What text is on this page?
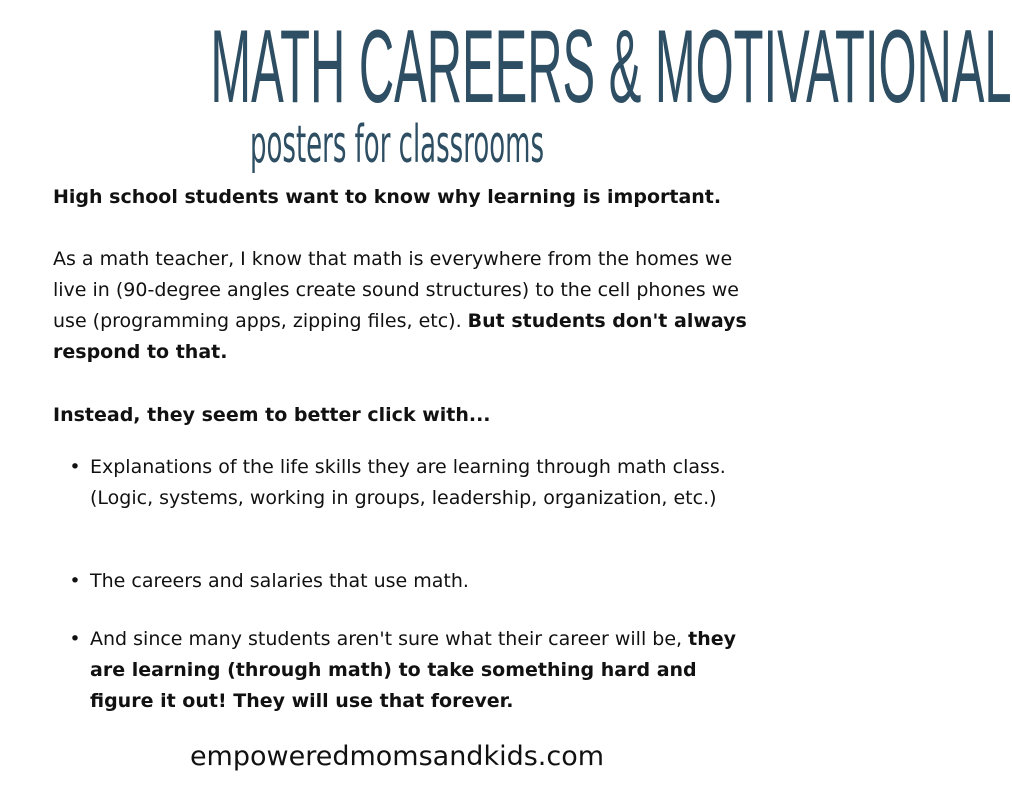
MATH CAREERS & MOTIVATIONAL
posters for classrooms

High school students want to know why learning is important.

As a math teacher, I know that math is everywhere from the homes we live in (90-degree angles create sound structures) to the cell phones we use (programming apps, zipping files, etc). But students don't always respond to that.

Instead, they seem to better click with...

• Explanations of the life skills they are learning through math class. (Logic, systems, working in groups, leadership, organization, etc.)
• The careers and salaries that use math.
• And since many students aren't sure what their career will be, they are learning (through math) to take something hard and figure it out! They will use that forever.
empoweredmomsandkids.com
